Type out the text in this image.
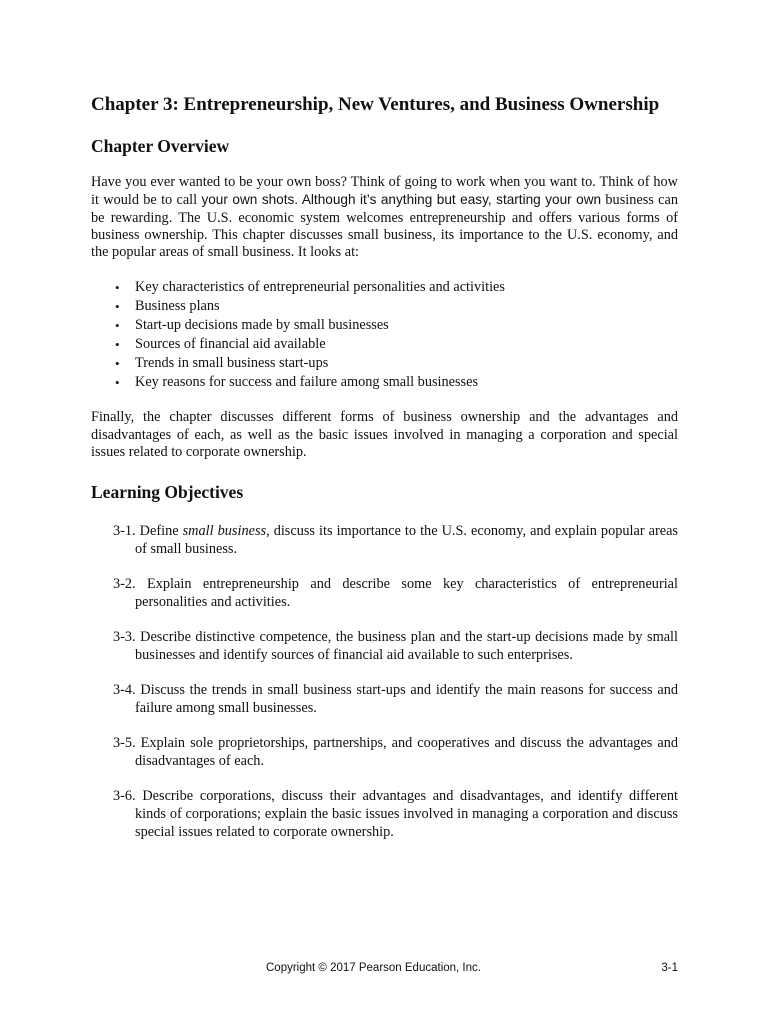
Chapter 3: Entrepreneurship, New Ventures, and Business Ownership
Chapter Overview

Have you ever wanted to be your own boss? Think of going to work when you want to. Think of how it would be to call your own shots. Although it’s anything but easy, starting your own business can be rewarding. The U.S. economic system welcomes entrepreneurship and offers various forms of business ownership. This chapter discusses small business, its importance to the U.S. economy, and the popular areas of small business. It looks at:

• Key characteristics of entrepreneurial personalities and activities
• Business plans
• Start-up decisions made by small businesses
• Sources of financial aid available
• Trends in small business start-ups
• Key reasons for success and failure among small businesses

Finally, the chapter discusses different forms of business ownership and the advantages and disadvantages of each, as well as the basic issues involved in managing a corporation and special issues related to corporate ownership.

Learning Objectives

3-1. Define small business, discuss its importance to the U.S. economy, and explain popular areas of small business.

3-2. Explain entrepreneurship and describe some key characteristics of entrepreneurial personalities and activities.

3-3. Describe distinctive competence, the business plan and the start-up decisions made by small businesses and identify sources of financial aid available to such enterprises.

3-4. Discuss the trends in small business start-ups and identify the main reasons for success and failure among small businesses.

3-5. Explain sole proprietorships, partnerships, and cooperatives and discuss the advantages and disadvantages of each.

3-6. Describe corporations, discuss their advantages and disadvantages, and identify different kinds of corporations; explain the basic issues involved in managing a corporation and discuss special issues related to corporate ownership.

Copyright © 2017 Pearson Education, Inc.	3-1
